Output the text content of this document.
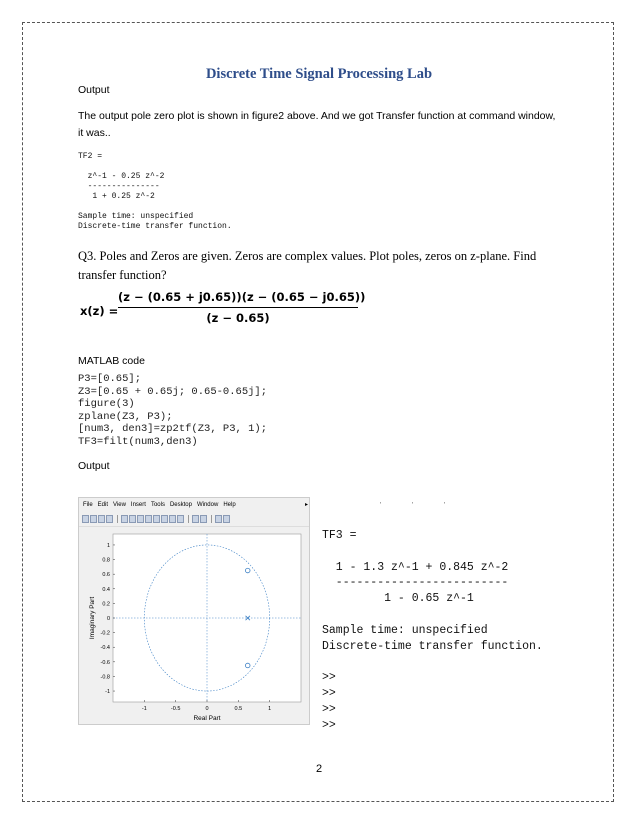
Discrete Time Signal Processing Lab
Output
The output pole zero plot is shown in figure2 above. And we got Transfer function at command window,
it was..
TF2 =

z^-1 - 0.25 z^-2
---------------
1 + 0.25 z^-2

Sample time: unspecified
Discrete-time transfer function.
Q3. Poles and Zeros are given. Zeros are complex values. Plot poles, zeros on z-plane. Find
transfer function?
x(z) =
(z − (0.65 + j0.65))(z − (0.65 − j0.65))
(z − 0.65)
MATLAB code
P3=[0.65];
Z3=[0.65 + 0.65j; 0.65-0.65j];
figure(3)
zplane(Z3, P3);
[num3, den3]=zp2tf(Z3, P3, 1);
TF3=filt(num3,den3)
Output
File Edit View Insert Tools Desktop Window Help	▸
-1	-0.5	0	0.5	1
1
0.8
0.6
0.4
0.2
0
-0.2
-0.4
-0.6
-0.8
-1
Real Part
Imaginary Part
'	'	'
TF3 =

1 - 1.3 z^-1 + 0.845 z^-2
-------------------------
1 - 0.65 z^-1

Sample time: unspecified
Discrete-time transfer function.

>>
>>
>>
>>
2
